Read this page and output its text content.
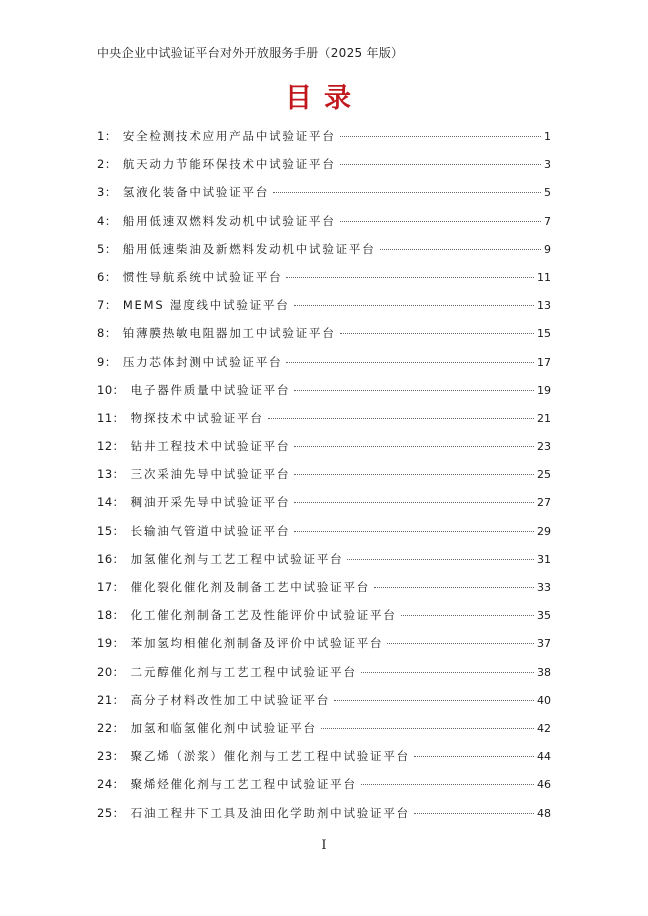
中央企业中试验证平台对外开放服务手册（2025 年版）
目录
1： 安全检测技术应用产品中试验证平台	1
2： 航天动力节能环保技术中试验证平台	3
3： 氢液化装备中试验证平台	5
4： 船用低速双燃料发动机中试验证平台	7
5： 船用低速柴油及新燃料发动机中试验证平台	9
6： 惯性导航系统中试验证平台	11
7： MEMS 湿度线中试验证平台	13
8： 铂薄膜热敏电阻器加工中试验证平台	15
9： 压力芯体封测中试验证平台	17
10： 电子器件质量中试验证平台	19
11： 物探技术中试验证平台	21
12： 钻井工程技术中试验证平台	23
13： 三次采油先导中试验证平台	25
14： 稠油开采先导中试验证平台	27
15： 长输油气管道中试验证平台	29
16： 加氢催化剂与工艺工程中试验证平台	31
17： 催化裂化催化剂及制备工艺中试验证平台	33
18： 化工催化剂制备工艺及性能评价中试验证平台	35
19： 苯加氢均相催化剂制备及评价中试验证平台	37
20： 二元醇催化剂与工艺工程中试验证平台	38
21： 高分子材料改性加工中试验证平台	40
22： 加氢和临氢催化剂中试验证平台	42
23： 聚乙烯（淤浆）催化剂与工艺工程中试验证平台	44
24： 聚烯烃催化剂与工艺工程中试验证平台	46
25： 石油工程井下工具及油田化学助剂中试验证平台	48
I
